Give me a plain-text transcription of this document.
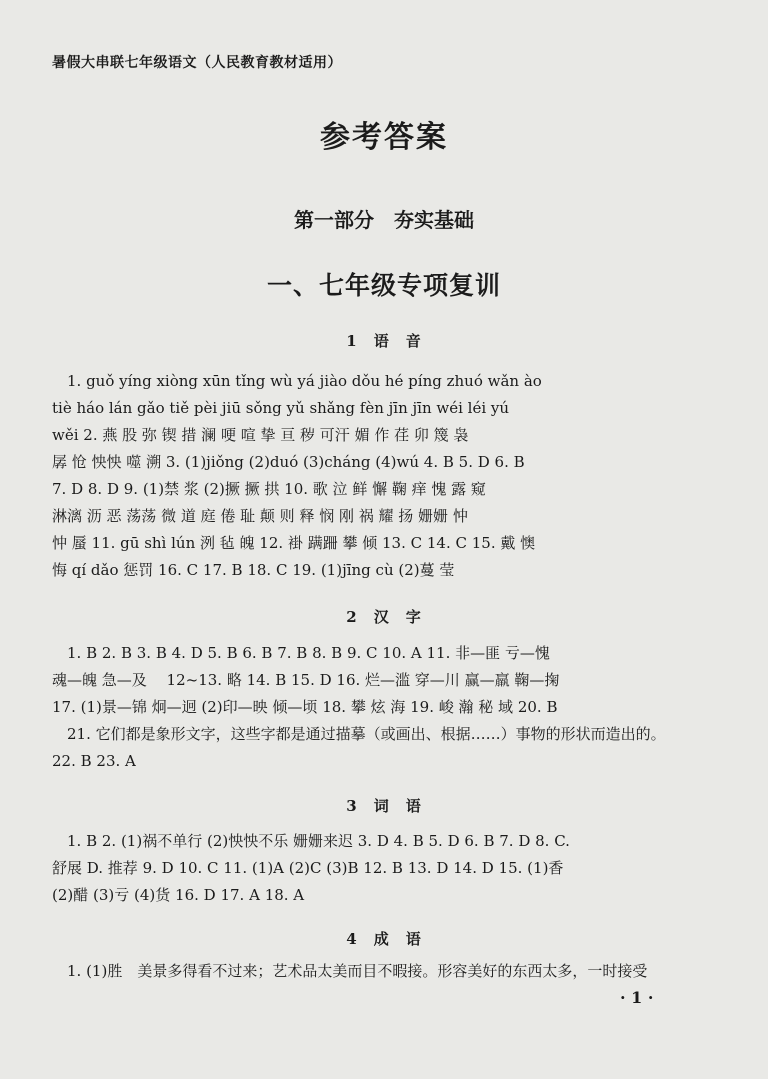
暑假大串联七年级语文（人民教育教材适用）
参考答案
第一部分　夯实基础
一、七年级专项复训
1　语　音
　1. guǒ yíng xiòng xūn tǐng wù yá jiào dǒu hé píng zhuó wǎn ào
tiè háo lán gǎo tiě pèi jiū sǒng yǔ shǎng fèn jīn jīn wéi léi yú
wěi 2. 燕 股 弥 锲 措 澜 哽 喧 挚 亘 秽 可汗 媚 作 荏 卯 篾 袅
孱 怆 怏怏 噬 溯 3. (1)jiǒng (2)duó (3)cháng (4)wú 4. B 5. D 6. B
7. D 8. D 9. (1)禁 浆 (2)撅 撅 拱 10. 歌 泣 鲜 懈 鞠 痒 愧 露 窥
淋漓 沥 恶 荡荡 微 道 庭 倦 耻 颠 则 释 悯 刚 祸 耀 扬 姗姗 忡
忡 蜃 11. gū shì lún 洌 毡 魄 12. 褂 蹒跚 攀 倾 13. C 14. C 15. 戴 懊
悔 qí dǎo 惩罚 16. C 17. B 18. C 19. (1)jīng cù (2)蔓 莹
2　汉　字
　1. B 2. B 3. B 4. D 5. B 6. B 7. B 8. B 9. C 10. A 11. 非—匪 亏—愧
魂—魄 急—及　 12~13. 略 14. B 15. D 16. 烂—滥 穿—川 赢—羸 鞠—掬
17. (1)景—锦 炯—迥 (2)印—映 倾—顷 18. 攀 炫 海 19. 峻 瀚 秘 域 20. B
　21. 它们都是象形文字，这些字都是通过描摹（或画出、根据……）事物的形状而造出的。
22. B 23. A
3　词　语
　1. B 2. (1)祸不单行 (2)怏怏不乐 姗姗来迟 3. D 4. B 5. D 6. B 7. D 8. C.
舒展 D. 推荐 9. D 10. C 11. (1)A (2)C (3)B 12. B 13. D 14. D 15. (1)香
(2)醋 (3)亏 (4)货 16. D 17. A 18. A
4　成　语
　1. (1)胜　美景多得看不过来；艺术品太美而目不暇接。形容美好的东西太多，一时接受
· 1 ·
